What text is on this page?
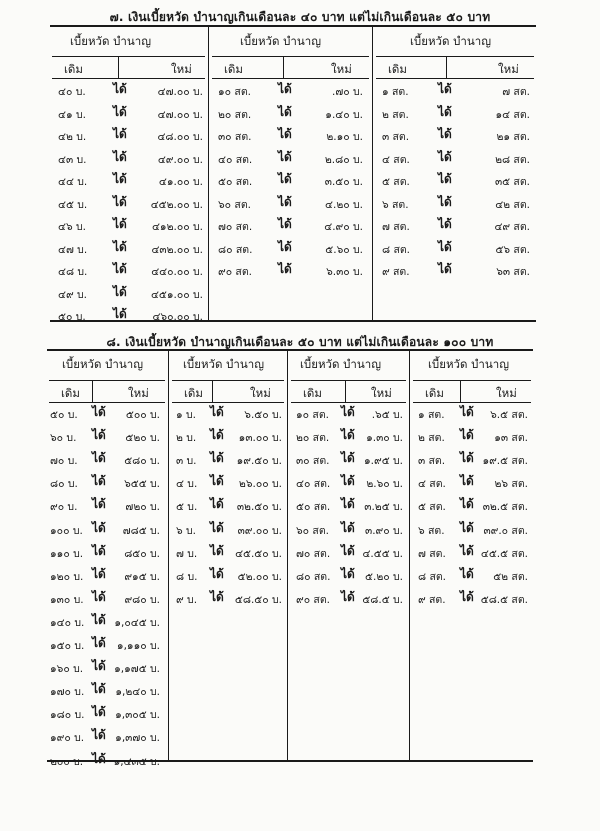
๗. เงินเบี้ยหวัด บำนาญเกินเดือนละ ๔๐ บาท แต่ไม่เกินเดือนละ ๕๐ บาท
เบี้ยหวัด บำนาญ
เดิม	ใหม่
๔๐ บ. ได้	๔๗.๐๐ บ.
๔๑ บ. ได้	๔๗.๐๐ บ.
๔๒ บ. ได้	๔๘.๐๐ บ.
๔๓ บ. ได้	๔๙.๐๐ บ.
๔๔ บ. ได้	๔๑.๐๐ บ.
๔๕ บ. ได้	๔๕๒.๐๐ บ.
๔๖ บ. ได้	๔๑๒.๐๐ บ.
๔๗ บ. ได้	๔๓๒.๐๐ บ.
๔๘ บ. ได้	๔๔๐.๐๐ บ.
๔๙ บ. ได้	๔๕๑.๐๐ บ.
๕๐ บ. ได้	๔๖๐.๐๐ บ.
เบี้ยหวัด บำนาญ
เดิม	ใหม่
๑๐ สต. ได้	.๗๐ บ.
๒๐ สต. ได้	๑.๔๐ บ.
๓๐ สต. ได้	๒.๑๐ บ.
๔๐ สต. ได้	๒.๘๐ บ.
๕๐ สต. ได้	๓.๕๐ บ.
๖๐ สต. ได้	๔.๒๐ บ.
๗๐ สต. ได้	๔.๙๐ บ.
๘๐ สต. ได้	๕.๖๐ บ.
๙๐ สต. ได้	๖.๓๐ บ.
เบี้ยหวัด บำนาญ
เดิม	ใหม่
๑ สต. ได้	๗ สต.
๒ สต. ได้	๑๔ สต.
๓ สต. ได้	๒๑ สต.
๔ สต. ได้	๒๘ สต.
๕ สต. ได้	๓๕ สต.
๖ สต. ได้	๔๒ สต.
๗ สต. ได้	๔๙ สต.
๘ สต. ได้	๕๖ สต.
๙ สต. ได้	๖๓ สต.
๘. เงินเบี้ยหวัด บำนาญเกินเดือนละ ๕๐ บาท แต่ไม่เกินเดือนละ ๑๐๐ บาท
เบี้ยหวัด บำนาญ
เดิม	ใหม่
๕๐ บ. ได้	๕๐๐ บ.
๖๐ บ. ได้	๕๒๐ บ.
๗๐ บ. ได้	๕๘๐ บ.
๘๐ บ. ได้	๖๕๕ บ.
๙๐ บ. ได้	๗๒๐ บ.
๑๐๐ บ. ได้	๗๘๕ บ.
๑๑๐ บ. ได้	๘๕๐ บ.
๑๒๐ บ. ได้	๙๑๕ บ.
๑๓๐ บ. ได้	๙๘๐ บ.
๑๔๐ บ. ได้ ๑,๐๔๕ บ.
๑๕๐ บ. ได้	๑,๑๑๐ บ.
๑๖๐ บ. ได้ ๑,๑๗๕ บ.
๑๗๐ บ. ได้ ๑,๒๔๐ บ.
๑๘๐ บ. ได้ ๑,๓๐๕ บ.
๑๙๐ บ. ได้ ๑,๓๗๐ บ.
๒๐๐ บ. ได้ ๑,๔๓๕ บ.
เบี้ยหวัด บำนาญ
เดิม	ใหม่
๑ บ. ได้	๖.๕๐ บ.
๒ บ. ได้	๑๓.๐๐ บ.
๓ บ. ได้	๑๙.๕๐ บ.
๔ บ. ได้	๒๖.๐๐ บ.
๕ บ. ได้	๓๒.๕๐ บ.
๖ บ. ได้	๓๙.๐๐ บ.
๗ บ. ได้	๔๕.๕๐ บ.
๘ บ. ได้	๕๒.๐๐ บ.
๙ บ. ได้	๕๘.๕๐ บ.
เบี้ยหวัด บำนาญ
เดิม	ใหม่
๑๐ สต. ได้	.๖๕ บ.
๒๐ สต. ได้	๑.๓๐ บ.
๓๐ สต. ได้ ๑.๙๕ บ.
๔๐ สต. ได้	๒.๖๐ บ.
๕๐ สต. ได้ ๓.๒๕ บ.
๖๐ สต. ได้ ๓.๙๐ บ.
๗๐ สต. ได้ ๔.๕๕ บ.
๘๐ สต. ได้ ๕.๒๐ บ.
๙๐ สต. ได้ ๕๘.๕ บ.
เบี้ยหวัด บำนาญ
เดิม	ใหม่
๑ สต. ได้	๖.๕ สต.
๒ สต. ได้	๑๓ สต.
๓ สต. ได้ ๑๙.๕ สต.
๔ สต. ได้	๒๖ สต.
๕ สต. ได้ ๓๒.๕ สต.
๖ สต. ได้ ๓๙.๐ สต.
๗ สต. ได้ ๔๕.๕ สต.
๘ สต. ได้	๕๒ สต.
๙ สต. ได้ ๕๘.๕ สต.
